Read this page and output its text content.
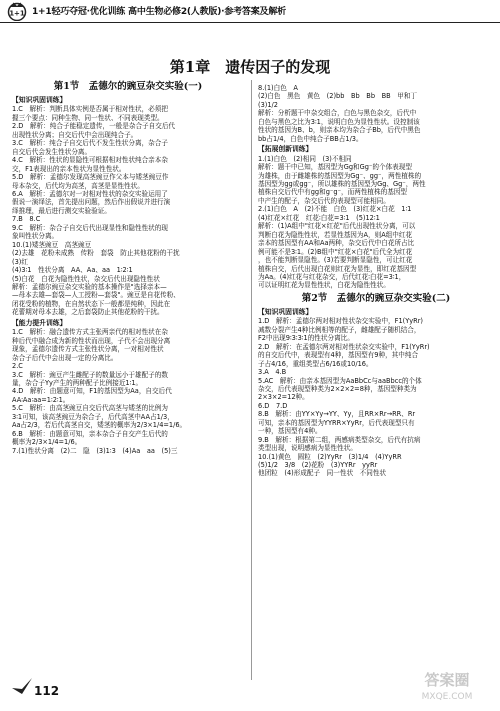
1+1 1+1轻巧夺冠·优化训练 高中生物必修2(人教版)·参考答案及解析
第1章　遗传因子的发现
第1节　孟德尔的豌豆杂交实验(一)
【知识巩固训练】
1.C　解析：判断具体实例是否属于相对性状，必须把
握三个要点：同种生物、同一性状、不同表现类型。
2.D　解析：纯合子能稳定遗传，一般是杂合子自交后代
出现性状分离；自交后代中会出现纯合子。
3.C　解析：纯合子自交后代不发生性状分离，杂合子
自交后代会发生性状分离。
4.C　解析：性状的显隐性可根据相对性状纯合亲本杂
交，F1表现出的亲本性状为显性性状。
5.D　解析：孟德尔发现高茎豌豆作父本与矮茎豌豆作
母本杂交，后代均为高茎，高茎是显性性状。
6.A　解析：孟德尔对一对相对性状的杂交实验运用了
假说一演绎法，首先提出问题，然后作出假说并进行演
绎推理，最后进行测交实验验证。
7.B　8.C
9.C　解析：杂合子自交后代出现显性和隐性性状的现
象叫性状分离。
10.(1)矮茎豌豆　高茎豌豆
(2)去雄　花粉未成熟　传粉　套袋　防止其他花粉的干扰
(3)红
(4)3∶1　性状分离　AA、Aa、aa　1∶2∶1
(5)白花　白花为隐性性状，杂交后代出现隐性性状
解析：孟德尔豌豆杂交实验的基本操作是"选择亲本—
—母本去雄—套袋—人工授粉—套袋"。豌豆是自花传粉、
闭花受粉的植物，在自然状态下一般都是纯种，因此在
花蕾期对母本去雄，之后套袋防止其他花粉的干扰。
【能力提升训练】
1.C　解析：融合遗传方式主张两亲代的相对性状在杂
种后代中融合成为新的性状而出现，子代不会出现分离
现象，孟德尔遗传方式主张性状分离，一对相对性状
杂合子后代中会出现一定的分离比。
2.C
3.C　解析：豌豆产生雌配子的数量远小于雄配子的数
量，杂合子Yy产生的两种配子比例接近1∶1。
4.D　解析：由题意可知，F1的基因型为Aa，自交后代
AA∶Aa∶aa=1∶2∶1。
5.C　解析：由高茎豌豆自交后代高茎与矮茎的比例为
3∶1可知，该高茎豌豆为杂合子，后代高茎中AA占1/3，
Aa占2/3，若后代高茎自交，矮茎的概率为2/3×1/4=1/6。
6.B　解析：由题意可知，亲本杂合子自交产生后代的
概率为2/3×1/4=1/6。
7.(1)性状分离　(2)二　隐　(3)1∶3　(4)Aa　aa　(5)三
8.(1)白色　A
(2)白色　黑色　黄色　(2)bb　Bb　Bb　BB　甲和丁
(3)1/2
解析：分析题干中杂交组合，白色与黑色杂交，后代中
白色与黑色之比为3∶1，说明白色为显性性状。设控制该
性状的基因为B、b，则亲本均为杂合子Bb，后代中黑色
bb占1/4，白色中纯合子BB占1/3。
【拓展创新训练】
1.(1)白色　(2)相同　(3)不相同
解析：题干中已知，基因型为Gg和Gg⁻的个体表现型
为雄株，由于雌雄株的基因型为Gg⁻、gg⁻，两性植株的
基因型为gg或gg⁻，所以雄株的基因型为Gg、Gg⁻，两性
植株自交后代中有gg和g⁻g⁻，而两性植株的基因型
中产生的配子，杂交后代的表现型可能相同。
2.(1)白色　A　(2)不能　白色　(3)红花×白花　1∶1
(4)红花×红花　红花∶白花=3∶1　(5)12∶1
解析：(1)A组中"红花×红花"后代出现性状分离，可以
判断白花为隐性性状，若显性基因为A，则A组中红花
亲本的基因型有AA和Aa两种，杂交后代中白花所占比
例可能不是3∶1。(2)B组中"红花×白花"后代全为红花
，也不能判断显隐性。(3)若要判断显隐性，可让红花
植株自交，后代出现白花则红花为显性，即红花基因型
为Aa。(4)红花与红花杂交，后代红花∶白花=3∶1，
可以证明红花为显性性状，白花为隐性性状。
第2节　孟德尔的豌豆杂交实验(二)
【知识巩固训练】
1.D　解析：孟德尔两对相对性状杂交实验中，F1(YyRr)
减数分裂产生4种比例相等的配子，雌雄配子随机结合，
F2中出现9∶3∶3∶1的性状分离比。
2.D　解析：在孟德尔两对相对性状杂交实验中，F1(YyRr)
的自交后代中，表现型有4种，基因型有9种，其中纯合
子占4/16，重组类型占6/16或10/16。
3.A　4.B
5.AC　解析：由亲本基因型为AaBbCc与aaBbcc的个体
杂交，后代表现型种类为2×2×2=8种，基因型种类为
2×3×2=12种。
6.D　7.D
8.B　解析：由YY×Yy→YY、Yy，且RR×Rr→RR、Rr
可知，亲本的基因型为YYRR×YyRr，后代表现型只有
一种，基因型有4种。
9.B　解析：根据第二组，两感病类型杂交，后代有抗病
类型出现，说明感病为显性性状。
10.(1)黄色　圆粒　(2)YyRr　(3)1/4　(4)YyRR
(5)1/2　3/8　(2)花粉　(3)YYRr　yyRr
他团粒　(4)形成配子　同一性状　不同性状
112
答案圈
MXQE.COM
